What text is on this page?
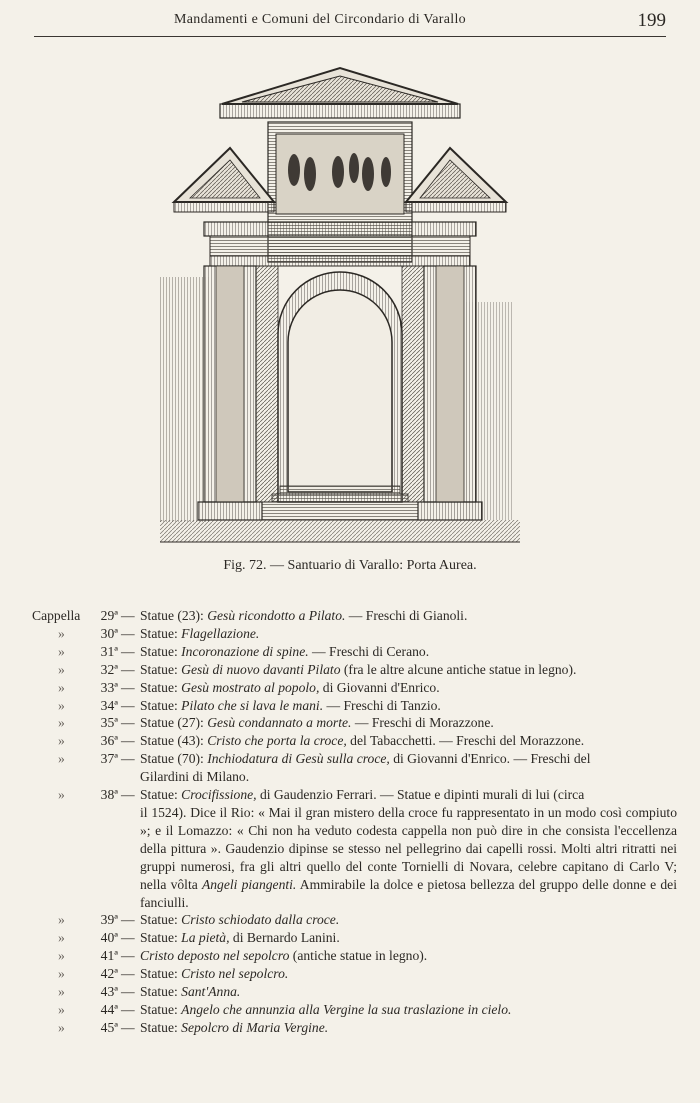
Mandamenti e Comuni del Circondario di Varallo	199
Fig. 72. — Santuario di Varallo: Porta Aurea.
Cappella	29ª — Statue (23): Gesù ricondotto a Pilato. — Freschi di Gianoli.
»	30ª — Statue: Flagellazione.
»	31ª — Statue: Incoronazione di spine. — Freschi di Cerano.
»	32ª — Statue: Gesù di nuovo davanti Pilato (fra le altre alcune antiche statue in legno).
»	33ª — Statue: Gesù mostrato al popolo, di Giovanni d'Enrico.
»	34ª — Statue: Pilato che si lava le mani. — Freschi di Tanzio.
»	35ª — Statue (27): Gesù condannato a morte. — Freschi di Morazzone.
»	36ª — Statue (43): Cristo che porta la croce, del Tabacchetti. — Freschi del Morazzone.
»	37ª — Statue (70): Inchiodatura di Gesù sulla croce, di Giovanni d'Enrico. — Freschi del
Gilardini di Milano.
»	38ª — Statue: Crocifissione, di Gaudenzio Ferrari. — Statue e dipinti murali di lui (circa
il 1524). Dice il Rio: « Mai il gran mistero della croce fu rappresentato in un modo così compiuto »; e il Lomazzo: « Chi non ha veduto codesta cappella non può dire in che consista l'eccellenza della pittura ». Gaudenzio dipinse se stesso nel pellegrino dai capelli rossi. Molti altri ritratti nei gruppi numerosi, fra gli altri quello del conte Tornielli di Novara, celebre capitano di Carlo V; nella vôlta Angeli piangenti. Ammirabile la dolce e pietosa bellezza del gruppo delle donne e dei fanciulli.
»	39ª — Statue: Cristo schiodato dalla croce.
»	40ª — Statue: La pietà, di Bernardo Lanini.
»	41ª — Cristo deposto nel sepolcro (antiche statue in legno).
»	42ª — Statue: Cristo nel sepolcro.
»	43ª — Statue: Sant'Anna.
»	44ª — Statue: Angelo che annunzia alla Vergine la sua traslazione in cielo.
»	45ª — Statue: Sepolcro di Maria Vergine.
